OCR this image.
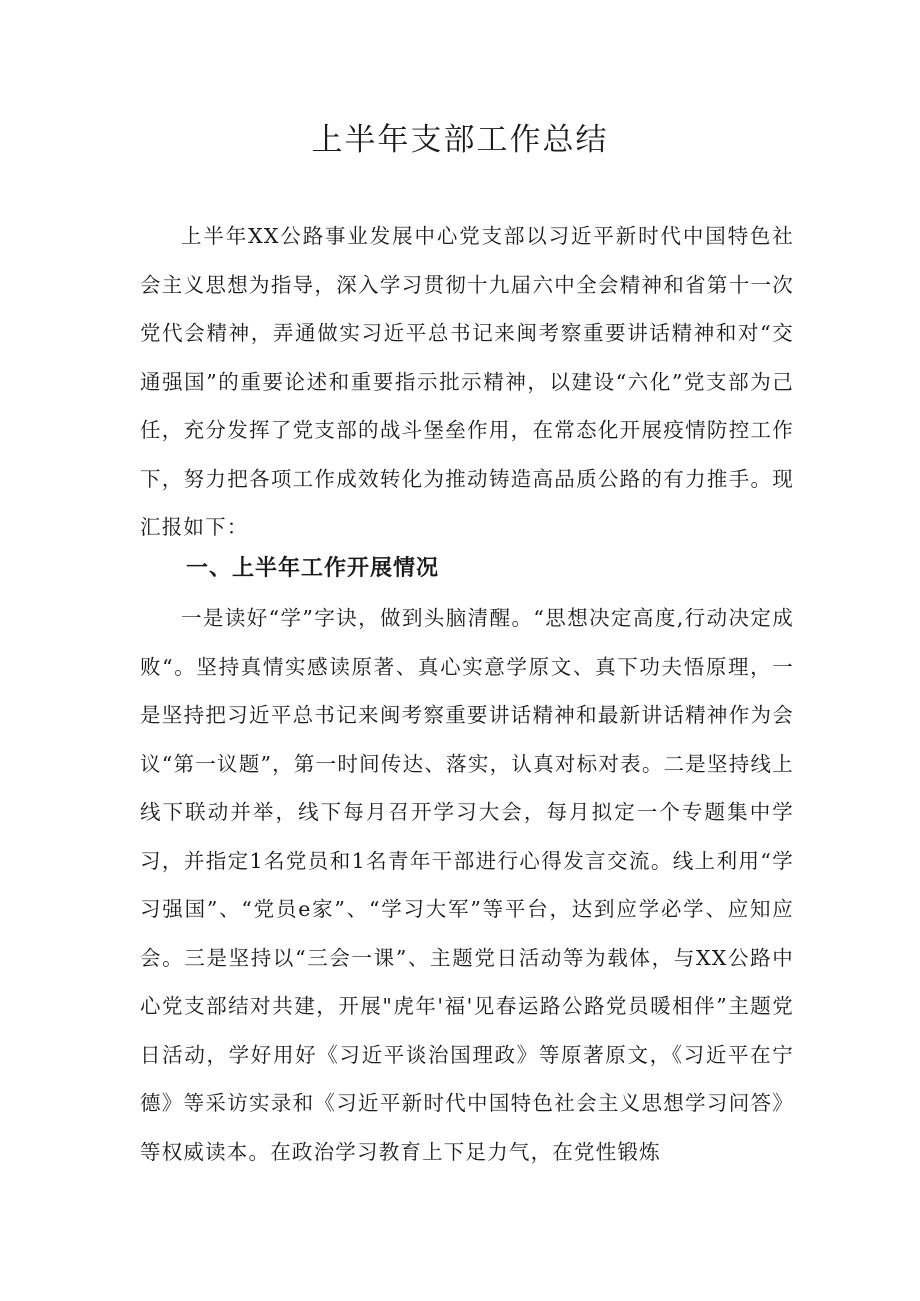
上半年支部工作总结

上半年XX公路事业发展中心党支部以习近平新时代中国特色社会主义思想为指导，深入学习贯彻十九届六中全会精神和省第十一次党代会精神，弄通做实习近平总书记来闽考察重要讲话精神和对“交通强国”的重要论述和重要指示批示精神，以建设“六化”党支部为己任，充分发挥了党支部的战斗堡垒作用，在常态化开展疫情防控工作下，努力把各项工作成效转化为推动铸造高品质公路的有力推手。现汇报如下：

一、上半年工作开展情况

一是读好“学”字诀，做到头脑清醒。“思想决定高度,行动决定成败“。坚持真情实感读原著、真心实意学原文、真下功夫悟原理，一是坚持把习近平总书记来闽考察重要讲话精神和最新讲话精神作为会议“第一议题”，第一时间传达、落实，认真对标对表。二是坚持线上线下联动并举，线下每月召开学习大会，每月拟定一个专题集中学习，并指定1名党员和1名青年干部进行心得发言交流。线上利用“学习强国”、“党员e家”、“学习大军”等平台，达到应学必学、应知应会。三是坚持以“三会一课”、主题党日活动等为载体，与XX公路中心党支部结对共建，开展"虎年'福'见春运路公路党员暖相伴”主题党日活动，学好用好《习近平谈治国理政》等原著原文，《习近平在宁德》等采访实录和《习近平新时代中国特色社会主义思想学习问答》等权威读本。在政治学习教育上下足力气，在党性锻炼
